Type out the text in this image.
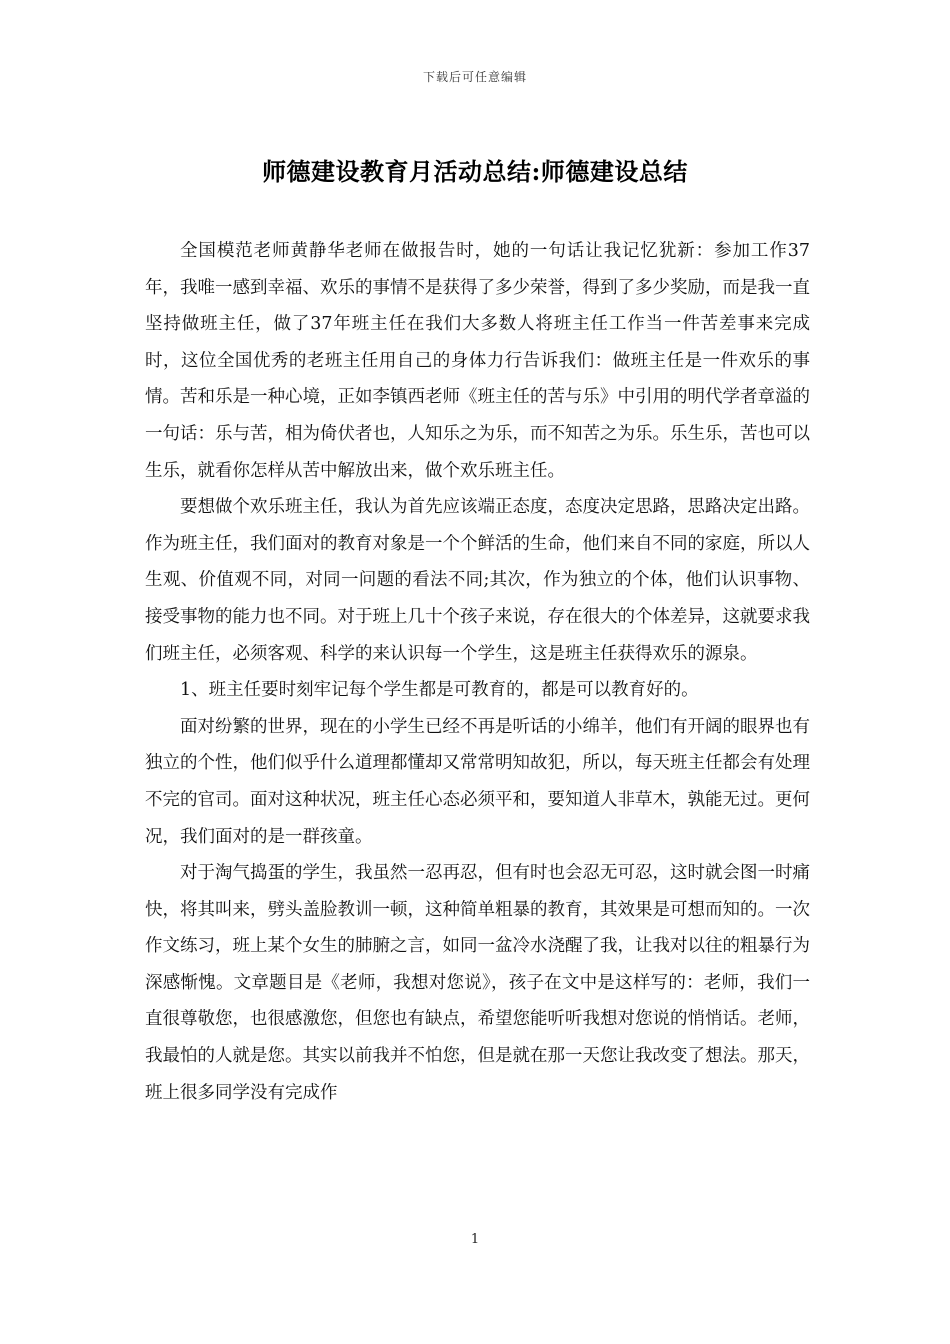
下载后可任意编辑
师德建设教育月活动总结:师德建设总结

全国模范老师黄静华老师在做报告时，她的一句话让我记忆犹新：参加工作37年，我唯一感到幸福、欢乐的事情不是获得了多少荣誉，得到了多少奖励，而是我一直坚持做班主任，做了37年班主任在我们大多数人将班主任工作当一件苦差事来完成时，这位全国优秀的老班主任用自己的身体力行告诉我们：做班主任是一件欢乐的事情。苦和乐是一种心境，正如李镇西老师《班主任的苦与乐》中引用的明代学者章溢的一句话：乐与苦，相为倚伏者也，人知乐之为乐，而不知苦之为乐。乐生乐，苦也可以生乐，就看你怎样从苦中解放出来，做个欢乐班主任。

要想做个欢乐班主任，我认为首先应该端正态度，态度决定思路，思路决定出路。作为班主任，我们面对的教育对象是一个个鲜活的生命，他们来自不同的家庭，所以人生观、价值观不同，对同一问题的看法不同;其次，作为独立的个体，他们认识事物、接受事物的能力也不同。对于班上几十个孩子来说，存在很大的个体差异，这就要求我们班主任，必须客观、科学的来认识每一个学生，这是班主任获得欢乐的源泉。

1、班主任要时刻牢记每个学生都是可教育的，都是可以教育好的。

面对纷繁的世界，现在的小学生已经不再是听话的小绵羊，他们有开阔的眼界也有独立的个性，他们似乎什么道理都懂却又常常明知故犯，所以，每天班主任都会有处理不完的官司。面对这种状况，班主任心态必须平和，要知道人非草木，孰能无过。更何况，我们面对的是一群孩童。

对于淘气捣蛋的学生，我虽然一忍再忍，但有时也会忍无可忍，这时就会图一时痛快，将其叫来，劈头盖脸教训一顿，这种简单粗暴的教育，其效果是可想而知的。一次作文练习，班上某个女生的肺腑之言，如同一盆冷水浇醒了我，让我对以往的粗暴行为深感惭愧。文章题目是《老师，我想对您说》，孩子在文中是这样写的：老师，我们一直很尊敬您，也很感激您，但您也有缺点，希望您能听听我想对您说的悄悄话。老师，我最怕的人就是您。其实以前我并不怕您，但是就在那一天您让我改变了想法。那天，班上很多同学没有完成作

1
